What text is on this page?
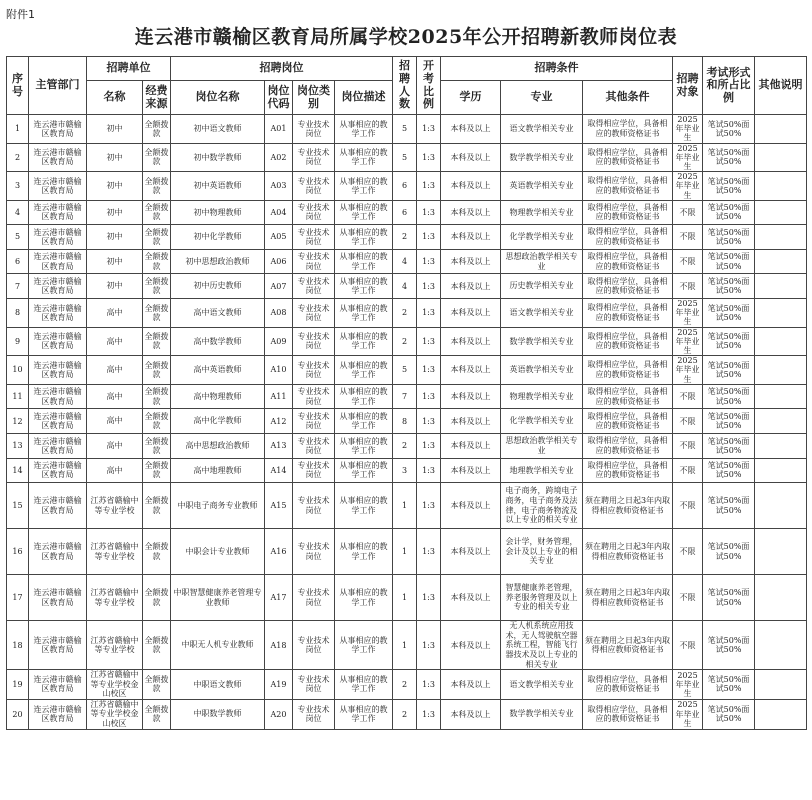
附件1
连云港市赣榆区教育局所属学校2025年公开招聘新教师岗位表
序号	主管部门	招聘单位		招聘岗位				招聘人数	开考比例	招聘条件			招聘对象	考试形式和所占比例	其他说明
		名称	经费来源	岗位名称	岗位代码	岗位类别	岗位描述			学历	专业	其他条件			
1	连云港市赣榆区教育局	初中	全额拨款	初中语文教师	A01	专业技术岗位	从事相应的教学工作	5	1:3	本科及以上	语文教学相关专业	取得相应学位，具备相应的教师资格证书	2025年毕业生	笔试50%面试50%	
2	连云港市赣榆区教育局	初中	全额拨款	初中数学教师	A02	专业技术岗位	从事相应的教学工作	5	1:3	本科及以上	数学教学相关专业	取得相应学位，具备相应的教师资格证书	2025年毕业生	笔试50%面试50%	
3	连云港市赣榆区教育局	初中	全额拨款	初中英语教师	A03	专业技术岗位	从事相应的教学工作	6	1:3	本科及以上	英语教学相关专业	取得相应学位，具备相应的教师资格证书	2025年毕业生	笔试50%面试50%	
4	连云港市赣榆区教育局	初中	全额拨款	初中物理教师	A04	专业技术岗位	从事相应的教学工作	6	1:3	本科及以上	物理教学相关专业	取得相应学位，具备相应的教师资格证书	不限	笔试50%面试50%	
5	连云港市赣榆区教育局	初中	全额拨款	初中化学教师	A05	专业技术岗位	从事相应的教学工作	2	1:3	本科及以上	化学教学相关专业	取得相应学位，具备相应的教师资格证书	不限	笔试50%面试50%	
6	连云港市赣榆区教育局	初中	全额拨款	初中思想政治教师	A06	专业技术岗位	从事相应的教学工作	4	1:3	本科及以上	思想政治教学相关专业	取得相应学位，具备相应的教师资格证书	不限	笔试50%面试50%	
7	连云港市赣榆区教育局	初中	全额拨款	初中历史教师	A07	专业技术岗位	从事相应的教学工作	4	1:3	本科及以上	历史教学相关专业	取得相应学位，具备相应的教师资格证书	不限	笔试50%面试50%	
8	连云港市赣榆区教育局	高中	全额拨款	高中语文教师	A08	专业技术岗位	从事相应的教学工作	2	1:3	本科及以上	语文教学相关专业	取得相应学位，具备相应的教师资格证书	2025年毕业生	笔试50%面试50%	
9	连云港市赣榆区教育局	高中	全额拨款	高中数学教师	A09	专业技术岗位	从事相应的教学工作	2	1:3	本科及以上	数学教学相关专业	取得相应学位，具备相应的教师资格证书	2025年毕业生	笔试50%面试50%	
10	连云港市赣榆区教育局	高中	全额拨款	高中英语教师	A10	专业技术岗位	从事相应的教学工作	5	1:3	本科及以上	英语教学相关专业	取得相应学位，具备相应的教师资格证书	2025年毕业生	笔试50%面试50%	
11	连云港市赣榆区教育局	高中	全额拨款	高中物理教师	A11	专业技术岗位	从事相应的教学工作	7	1:3	本科及以上	物理教学相关专业	取得相应学位，具备相应的教师资格证书	不限	笔试50%面试50%	
12	连云港市赣榆区教育局	高中	全额拨款	高中化学教师	A12	专业技术岗位	从事相应的教学工作	8	1:3	本科及以上	化学教学相关专业	取得相应学位，具备相应的教师资格证书	不限	笔试50%面试50%	
13	连云港市赣榆区教育局	高中	全额拨款	高中思想政治教师	A13	专业技术岗位	从事相应的教学工作	2	1:3	本科及以上	思想政治教学相关专业	取得相应学位，具备相应的教师资格证书	不限	笔试50%面试50%	
14	连云港市赣榆区教育局	高中	全额拨款	高中地理教师	A14	专业技术岗位	从事相应的教学工作	3	1:3	本科及以上	地理教学相关专业	取得相应学位，具备相应的教师资格证书	不限	笔试50%面试50%	
15	连云港市赣榆区教育局	江苏省赣榆中等专业学校	全额拨款	中职电子商务专业教师	A15	专业技术岗位	从事相应的教学工作	1	1:3	本科及以上	电子商务，跨境电子商务，电子商务及法律，电子商务物流及以上专业的相关专业	须在聘用之日起3年内取得相应教师资格证书	不限	笔试50%面试50%	
16	连云港市赣榆区教育局	江苏省赣榆中等专业学校	全额拨款	中职会计专业教师	A16	专业技术岗位	从事相应的教学工作	1	1:3	本科及以上	会计学，财务管理，会计及以上专业的相关专业	须在聘用之日起3年内取得相应教师资格证书	不限	笔试50%面试50%	
17	连云港市赣榆区教育局	江苏省赣榆中等专业学校	全额拨款	中职智慧健康养老管理专业教师	A17	专业技术岗位	从事相应的教学工作	1	1:3	本科及以上	智慧健康养老管理，养老服务管理及以上专业的相关专业	须在聘用之日起3年内取得相应教师资格证书	不限	笔试50%面试50%	
18	连云港市赣榆区教育局	江苏省赣榆中等专业学校	全额拨款	中职无人机专业教师	A18	专业技术岗位	从事相应的教学工作	1	1:3	本科及以上	无人机系统应用技术，无人驾驶航空器系统工程，智能飞行器技术及以上专业的相关专业	须在聘用之日起3年内取得相应教师资格证书	不限	笔试50%面试50%	
19	连云港市赣榆区教育局	江苏省赣榆中等专业学校金山校区	全额拨款	中职语文教师	A19	专业技术岗位	从事相应的教学工作	2	1:3	本科及以上	语文教学相关专业	取得相应学位，具备相应的教师资格证书	2025年毕业生	笔试50%面试50%	
20	连云港市赣榆区教育局	江苏省赣榆中等专业学校金山校区	全额拨款	中职数学教师	A20	专业技术岗位	从事相应的教学工作	2	1:3	本科及以上	数学教学相关专业	取得相应学位，具备相应的教师资格证书	2025年毕业生	笔试50%面试50%	
